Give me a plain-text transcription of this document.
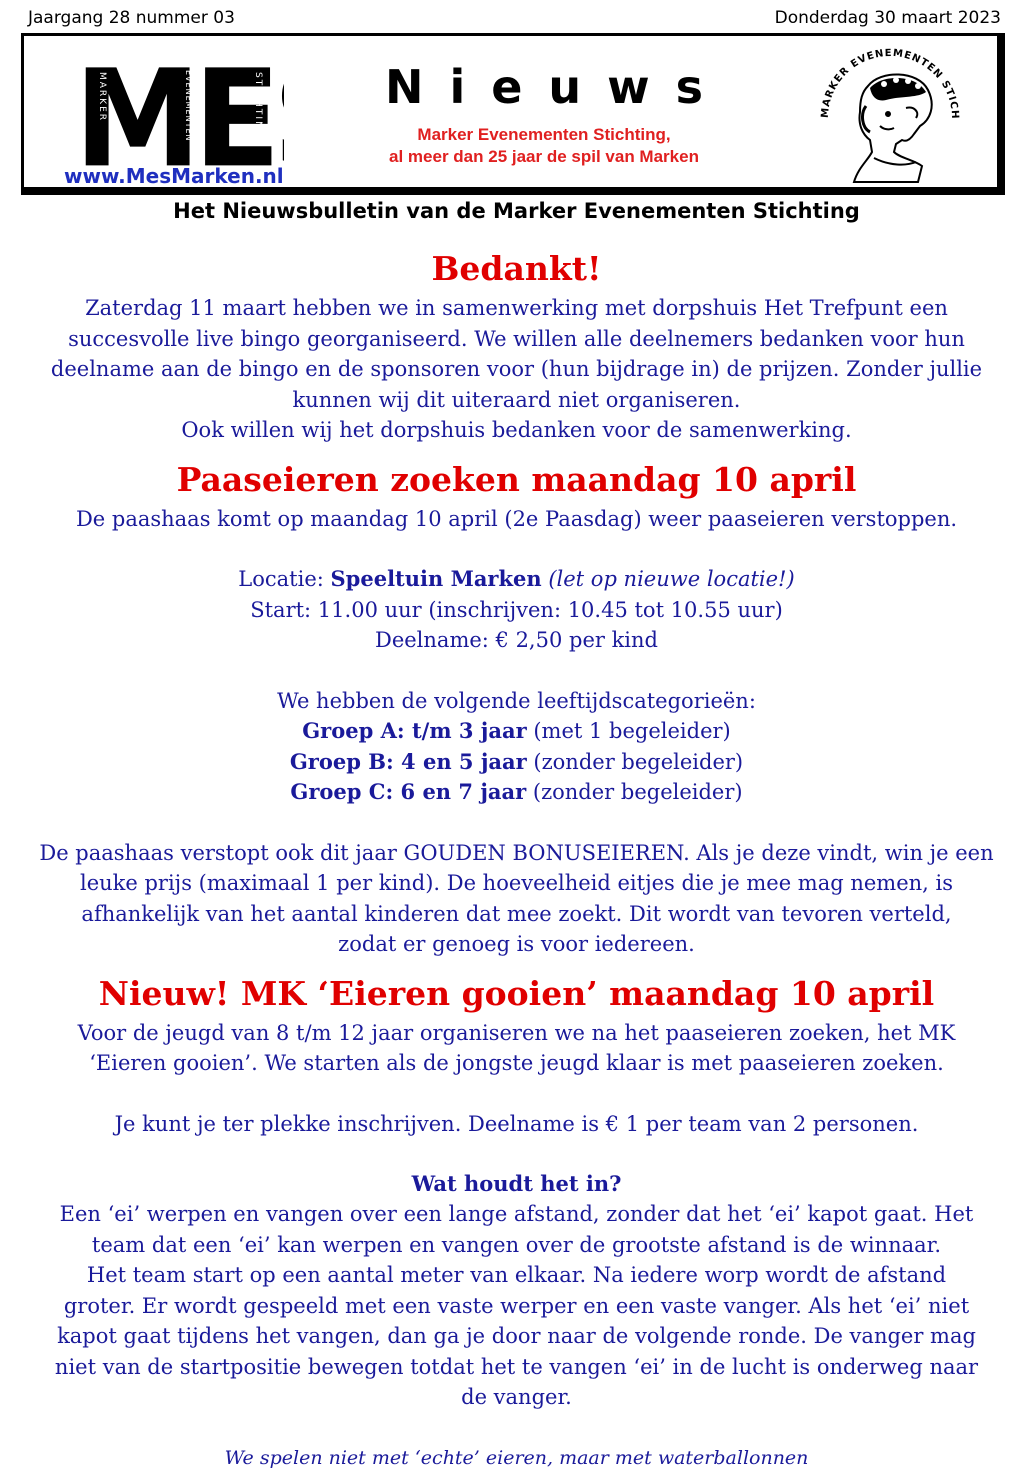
Jaargang 28 nummer 03	Donderdag 30 maart 2023
ME
MARKER	EVENEMENTEN	STICHTING
www.MesMarken.nl
Nieuws
Marker Evenementen Stichting,
al meer dan 25 jaar de spil van Marken
MARKER EVENEMENTEN STICH
Het Nieuwsbulletin van de Marker Evenementen Stichting
Bedankt!

Zaterdag 11 maart hebben we in samenwerking met dorpshuis Het Trefpunt een

succesvolle live bingo georganiseerd. We willen alle deelnemers bedanken voor hun

deelname aan de bingo en de sponsoren voor (hun bijdrage in) de prijzen. Zonder jullie

kunnen wij dit uiteraard niet organiseren.

Ook willen wij het dorpshuis bedanken voor de samenwerking.

Paaseieren zoeken maandag 10 april

De paashaas komt op maandag 10 april (2e Paasdag) weer paaseieren verstoppen.

Locatie: Speeltuin Marken (let op nieuwe locatie!)

Start: 11.00 uur (inschrijven: 10.45 tot 10.55 uur)

Deelname: € 2,50 per kind

We hebben de volgende leeftijdscategorieën:

Groep A: t/m 3 jaar (met 1 begeleider)

Groep B: 4 en 5 jaar (zonder begeleider)

Groep C: 6 en 7 jaar (zonder begeleider)

De paashaas verstopt ook dit jaar GOUDEN BONUSEIEREN. Als je deze vindt, win je een

leuke prijs (maximaal 1 per kind). De hoeveelheid eitjes die je mee mag nemen, is

afhankelijk van het aantal kinderen dat mee zoekt. Dit wordt van tevoren verteld,

zodat er genoeg is voor iedereen.

Nieuw! MK ‘Eieren gooien’ maandag 10 april

Voor de jeugd van 8 t/m 12 jaar organiseren we na het paaseieren zoeken, het MK

‘Eieren gooien’. We starten als de jongste jeugd klaar is met paaseieren zoeken.

Je kunt je ter plekke inschrijven. Deelname is € 1 per team van 2 personen.

Wat houdt het in?

Een ‘ei’ werpen en vangen over een lange afstand, zonder dat het ‘ei’ kapot gaat. Het

team dat een ‘ei’ kan werpen en vangen over de grootste afstand is de winnaar.

Het team start op een aantal meter van elkaar. Na iedere worp wordt de afstand

groter. Er wordt gespeeld met een vaste werper en een vaste vanger. Als het ‘ei’ niet

kapot gaat tijdens het vangen, dan ga je door naar de volgende ronde. De vanger mag

niet van de startpositie bewegen totdat het te vangen ‘ei’ in de lucht is onderweg naar

de vanger.

We spelen niet met ‘echte’ eieren, maar met waterballonnen
